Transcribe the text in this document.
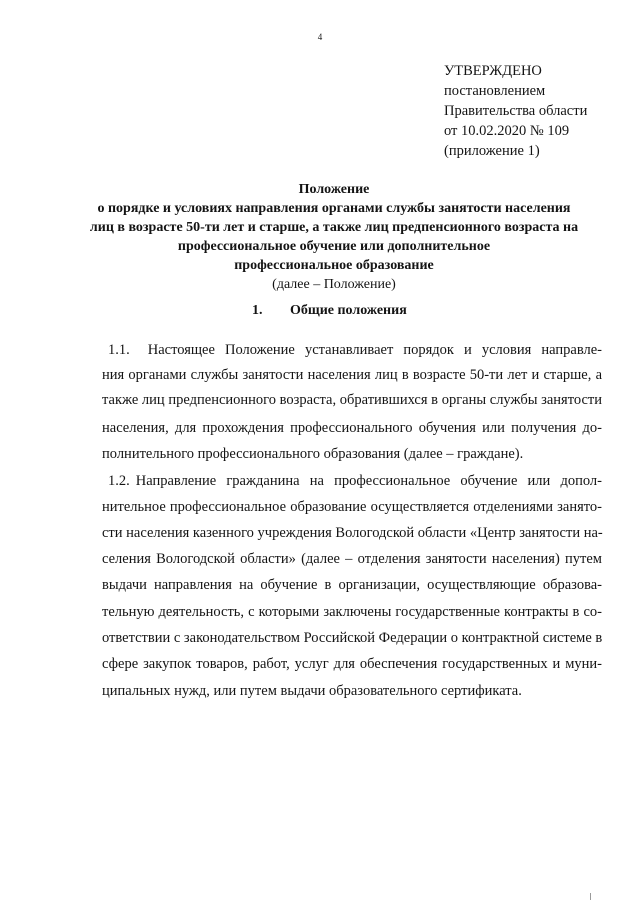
4
УТВЕРЖДЕНО
постановлением
Правительства области
от 10.02.2020 № 109
(приложение 1)
Положение
о порядке и условиях направления органами службы занятости населения
лиц в возрасте 50-ти лет и старше, а также лиц предпенсионного возраста на
профессиональное обучение или дополнительное
профессиональное образование
(далее – Положение)
1. Общие положения
1.1. Настоящее Положение устанавливает порядок и условия направле-
ния органами службы занятости населения лиц в возрасте 50-ти лет и старше, а
также лиц предпенсионного возраста, обратившихся в органы службы занятости
населения, для прохождения профессионального обучения или получения до-
полнительного профессионального образования (далее – граждане).
1.2. Направление гражданина на профессиональное обучение или допол-
нительное профессиональное образование осуществляется отделениями занято-
сти населения казенного учреждения Вологодской области «Центр занятости на-
селения Вологодской области» (далее – отделения занятости населения) путем
выдачи направления на обучение в организации, осуществляющие образова-
тельную деятельность, с которыми заключены государственные контракты в со-
ответствии с законодательством Российской Федерации о контрактной системе в
сфере закупок товаров, работ, услуг для обеспечения государственных и муни-
ципальных нужд, или путем выдачи образовательного сертификата.
